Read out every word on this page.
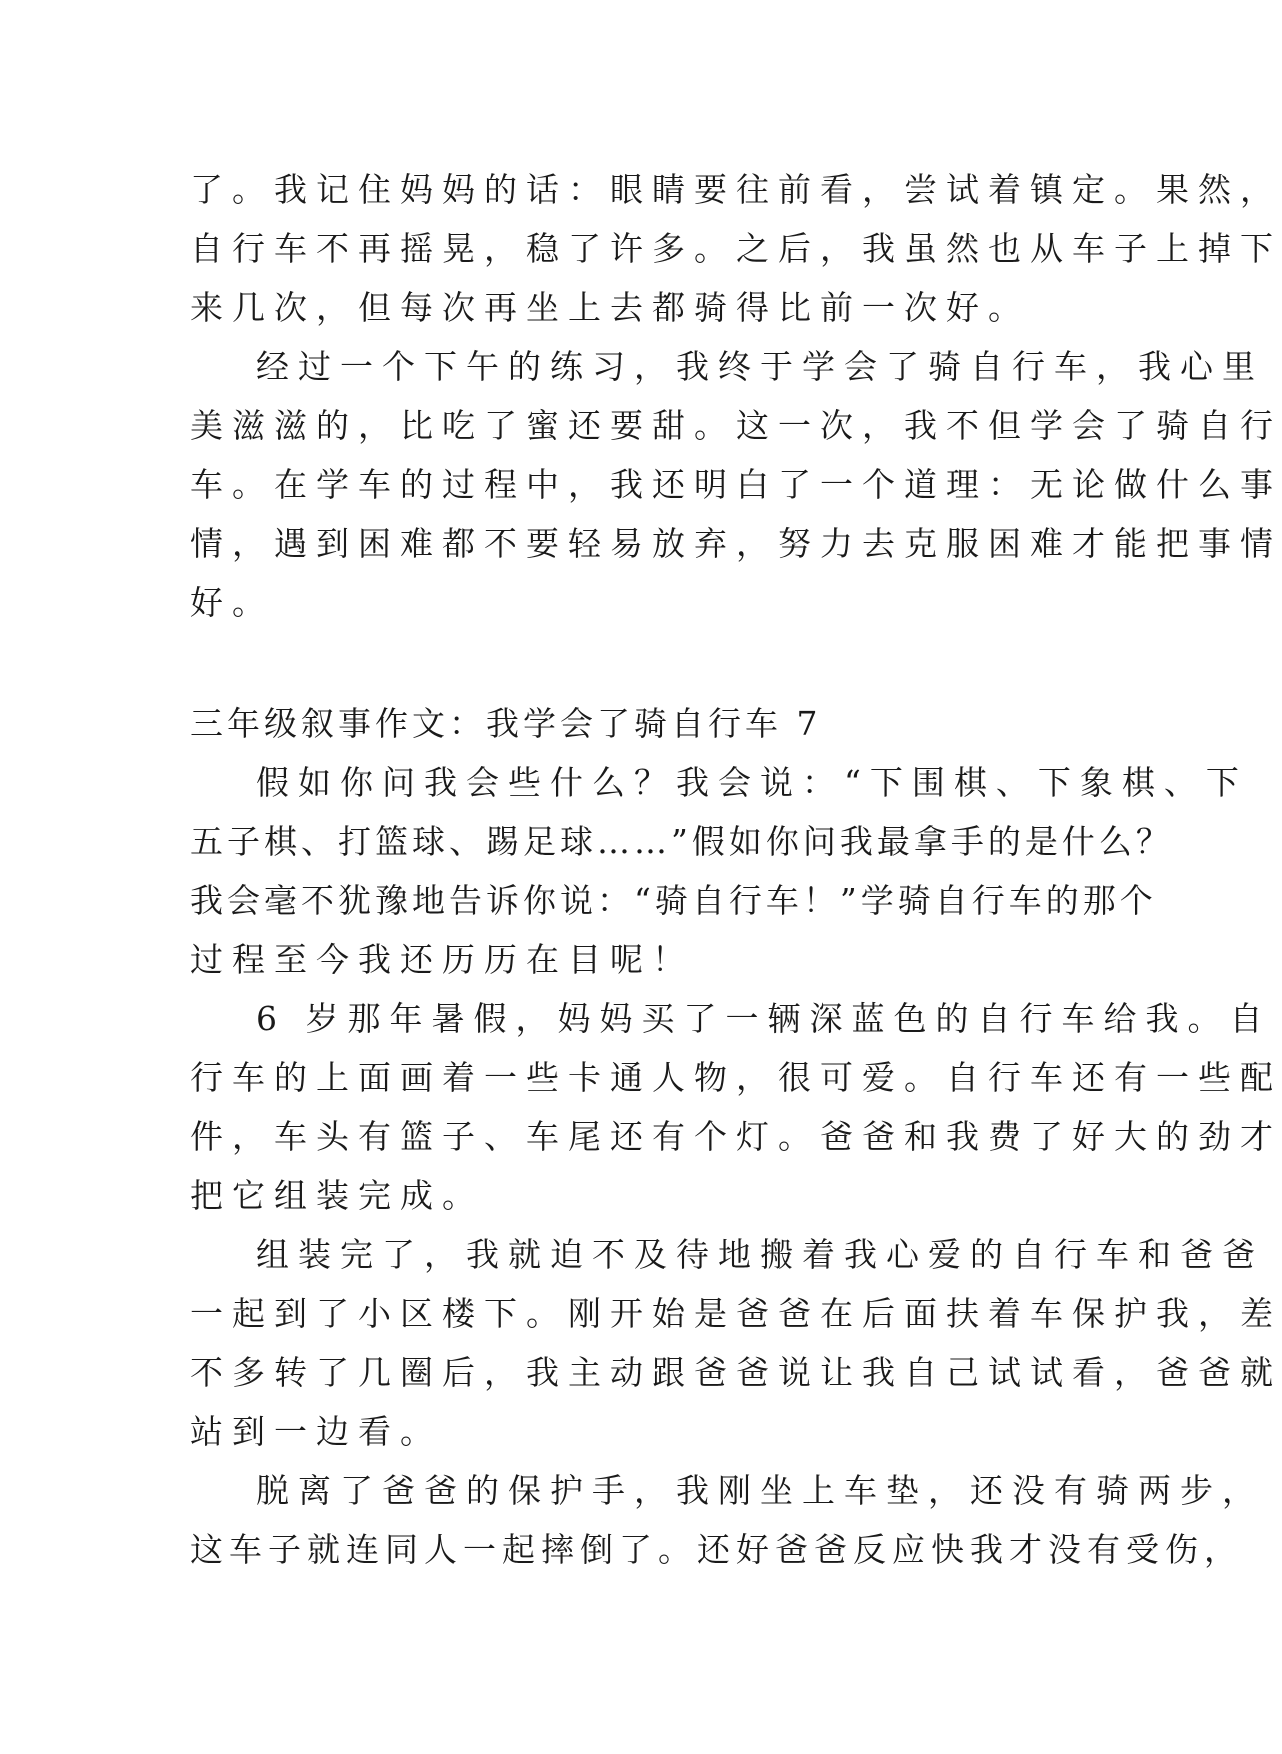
了。我记住妈妈的话：眼睛要往前看，尝试着镇定。果然，
自行车不再摇晃，稳了许多。之后，我虽然也从车子上掉下
来几次，但每次再坐上去都骑得比前一次好。
经过一个下午的练习，我终于学会了骑自行车，我心里
美滋滋的，比吃了蜜还要甜。这一次，我不但学会了骑自行
车。在学车的过程中，我还明白了一个道理：无论做什么事
情，遇到困难都不要轻易放弃，努力去克服困难才能把事情
好。
三年级叙事作文：我学会了骑自行车 7
假如你问我会些什么？我会说：“下围棋、下象棋、下
五子棋、打篮球、踢足球……”假如你问我最拿手的是什么？
我会毫不犹豫地告诉你说：“骑自行车！”学骑自行车的那个
过程至今我还历历在目呢！
6 岁那年暑假，妈妈买了一辆深蓝色的自行车给我。自
行车的上面画着一些卡通人物，很可爱。自行车还有一些配
件，车头有篮子、车尾还有个灯。爸爸和我费了好大的劲才
把它组装完成。
组装完了，我就迫不及待地搬着我心爱的自行车和爸爸
一起到了小区楼下。刚开始是爸爸在后面扶着车保护我，差
不多转了几圈后，我主动跟爸爸说让我自己试试看，爸爸就
站到一边看。
脱离了爸爸的保护手，我刚坐上车垫，还没有骑两步，
这车子就连同人一起摔倒了。还好爸爸反应快我才没有受伤，
